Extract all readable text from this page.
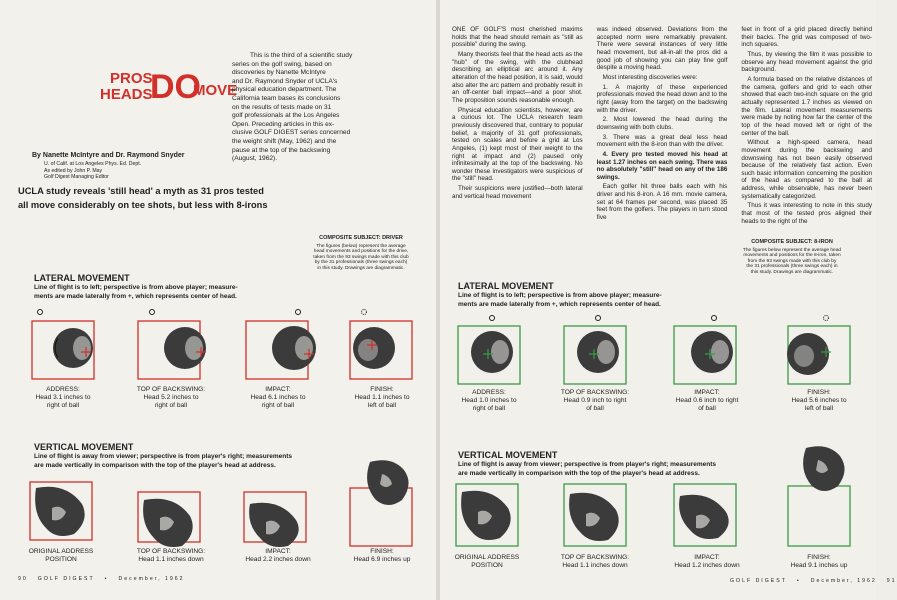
PROS
HEADS
DO
MOVE
This is the third of a scientific study
series on the golf swing, based on
discoveries by Nanette McIntyre
and Dr. Raymond Snyder of UCLA's
physical education department. The
California team bases its conclusions
on the results of tests made on 31
golf professionals at the Los Angeles
Open. Preceding articles in this ex-
clusive GOLF DIGEST series concerned
the weight shift (May, 1962) and the
pause at the top of the backswing
(August, 1962).
By Nanette McIntyre and Dr. Raymond Snyder
U. of Calif. at Los Angeles Phys. Ed. Dept.
As edited by John P. May
Golf Digest Managing Editor
UCLA study reveals 'still head' a myth as 31 pros tested
all move considerably on tee shots, but less with 8-irons
LATERAL MOVEMENT
Line of flight is to left; perspective is from above player; measure-
ments are made laterally from +, which represents center of head.
COMPOSITE SUBJECT: DRIVER
The figures (below) represent the average
head movements and positions for the drive,
taken from the 93 swings made with this club
by the 31 professionals (three swings each)
in this study. Drawings are diagrammatic.
ADDRESS:
Head 3.1 inches to
right of ball
TOP OF BACKSWING:
Head 5.2 inches to
right of ball
IMPACT:
Head 6.1 inches to
right of ball
FINISH:
Head 1.1 inches to
left of ball
VERTICAL MOVEMENT
Line of flight is away from viewer; perspective is from player's right; measurements
are made vertically in comparison with the top of the player's head at address.
ORIGINAL ADDRESS
POSITION
TOP OF BACKSWING:
Head 1.1 inches down
IMPACT:
Head 2.2 inches down
FINISH:
Head 6.9 inches up
90 GOLF DIGEST • December, 1962

ONE OF GOLF'S most cherished maxims holds that the head should remain as "still as possible" during the swing.

Many theorists feel that the head acts as the "hub" of the swing, with the clubhead describing an elliptical arc around it. Any alteration of the head position, it is said, would also alter the arc pattern and probably result in an off-center ball impact—and a poor shot. The proposition sounds reasonable enough.

Physical education scientists, however, are a curious lot. The UCLA research team previously discovered that, contrary to popular belief, a majority of 31 golf professionals, tested on scales and before a grid at Los Angeles, (1) kept most of their weight to the right at impact and (2) paused only infinitesimally at the top of the backswing. No wonder these investigators were suspicious of the "still" head.

Their suspicions were justified—both lateral and vertical head movement

was indeed observed. Deviations from the accepted norm were remarkably prevalent. There were several instances of very little head movement, but all-in-all the pros did a good job of showing you can play fine golf despite a moving head.

Most interesting discoveries were:

1. A majority of these experienced professionals moved the head down and to the right (away from the target) on the backswing with the driver.

2. Most lowered the head during the downswing with both clubs.

3. There was a great deal less head movement with the 8-iron than with the driver.

4. Every pro tested moved his head at least 1.27 inches on each swing. There was no absolutely "still" head on any of the 186 swings.

Each golfer hit three balls each with his driver and his 8-iron. A 16 mm. movie camera, set at 64 frames per second, was placed 35 feet from the golfers. The players in turn stood five

feet in front of a grid placed directly behind their backs. The grid was composed of two-inch squares.

Thus, by viewing the film it was possible to observe any head movement against the grid background.

A formula based on the relative distances of the camera, golfers and grid to each other showed that each two-inch square on the grid actually represented 1.7 inches as viewed on the film. Lateral movement measurements were made by noting how far the center of the top of the head moved left or right of the center of the ball.

Without a high-speed camera, head movement during the backswing and downswing has not been easily observed because of the relatively fast action. Even such basic information concerning the position of the head as compared to the ball at address, while observable, has never been systematically categorized.

Thus it was interesting to note in this study that most of the tested pros aligned their heads to the right of the

LATERAL MOVEMENT
Line of flight is to left; perspective is from above player; measure-
ments are made laterally from +, which represents center of head.
COMPOSITE SUBJECT: 8-IRON
The figures below represent the average head
movements and positions for the 8-iron, taken
from the 93 swings made with this club by
the 31 professionals (three swings each) in
this study. Drawings are diagrammatic.
ADDRESS:
Head 1.0 inches to
right of ball
TOP OF BACKSWING:
Head 0.9 inch to right
of ball
IMPACT:
Head 0.6 inch to right
of ball
FINISH:
Head 5.6 inches to
left of ball
VERTICAL MOVEMENT
Line of flight is away from viewer; perspective is from player's right; measurements
are made vertically in comparison with the top of the player's head at address.
ORIGINAL ADDRESS
POSITION
TOP OF BACKSWING:
Head 1.1 inches down
IMPACT:
Head 1.2 inches down
FINISH:
Head 9.1 inches up
GOLF DIGEST • December, 1962 91
